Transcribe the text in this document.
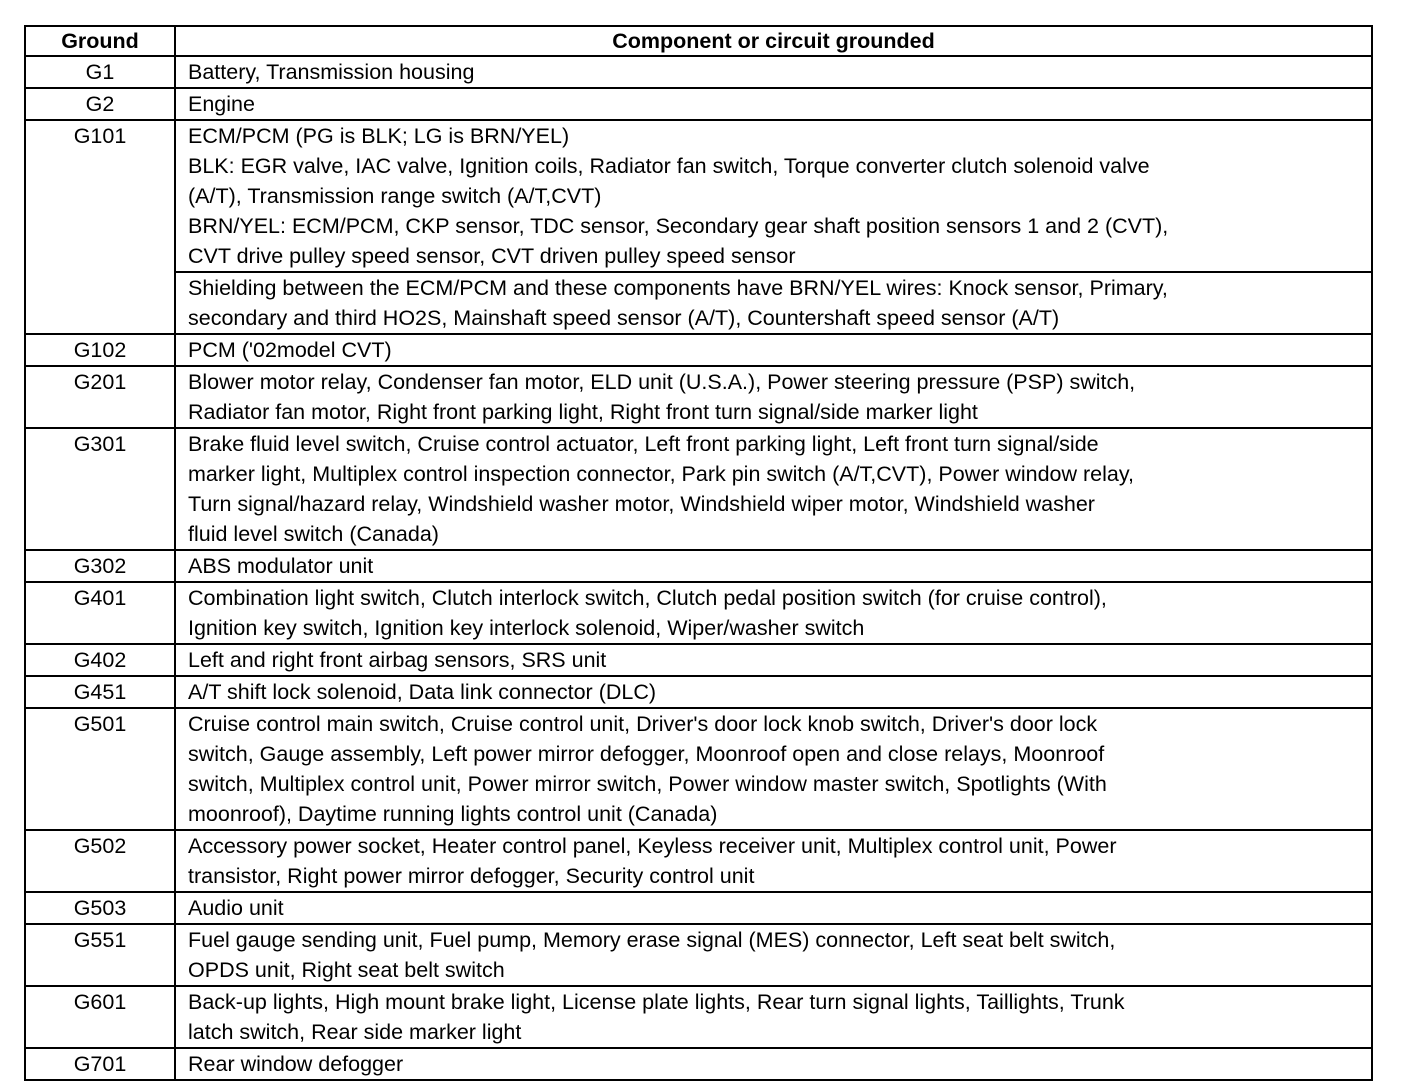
Ground	Component or circuit grounded
G1	Battery, Transmission housing

G2	Engine

G101	ECM/PCM (PG is BLK; LG is BRN/YEL)
BLK: EGR valve, IAC valve, Ignition coils, Radiator fan switch, Torque converter clutch solenoid valve
(A/T), Transmission range switch (A/T,CVT)
BRN/YEL: ECM/PCM, CKP sensor, TDC sensor, Secondary gear shaft position sensors 1 and 2 (CVT),
CVT drive pulley speed sensor, CVT driven pulley speed sensor

	Shielding between the ECM/PCM and these components have BRN/YEL wires: Knock sensor, Primary,
secondary and third HO2S, Mainshaft speed sensor (A/T), Countershaft speed sensor (A/T)

G102	PCM ('02model CVT)

G201	Blower motor relay, Condenser fan motor, ELD unit (U.S.A.), Power steering pressure (PSP) switch,
Radiator fan motor, Right front parking light, Right front turn signal/side marker light

G301	Brake fluid level switch, Cruise control actuator, Left front parking light, Left front turn signal/side
marker light, Multiplex control inspection connector, Park pin switch (A/T,CVT), Power window relay,
Turn signal/hazard relay, Windshield washer motor, Windshield wiper motor, Windshield washer
fluid level switch (Canada)

G302	ABS modulator unit

G401	Combination light switch, Clutch interlock switch, Clutch pedal position switch (for cruise control),
Ignition key switch, Ignition key interlock solenoid, Wiper/washer switch

G402	Left and right front airbag sensors, SRS unit

G451	A/T shift lock solenoid, Data link connector (DLC)

G501	Cruise control main switch, Cruise control unit, Driver's door lock knob switch, Driver's door lock
switch, Gauge assembly, Left power mirror defogger, Moonroof open and close relays, Moonroof
switch, Multiplex control unit, Power mirror switch, Power window master switch, Spotlights (With
moonroof), Daytime running lights control unit (Canada)

G502	Accessory power socket, Heater control panel, Keyless receiver unit, Multiplex control unit, Power
transistor, Right power mirror defogger, Security control unit

G503	Audio unit

G551	Fuel gauge sending unit, Fuel pump, Memory erase signal (MES) connector, Left seat belt switch,
OPDS unit, Right seat belt switch

G601	Back-up lights, High mount brake light, License plate lights, Rear turn signal lights, Taillights, Trunk
latch switch, Rear side marker light

G701	Rear window defogger
